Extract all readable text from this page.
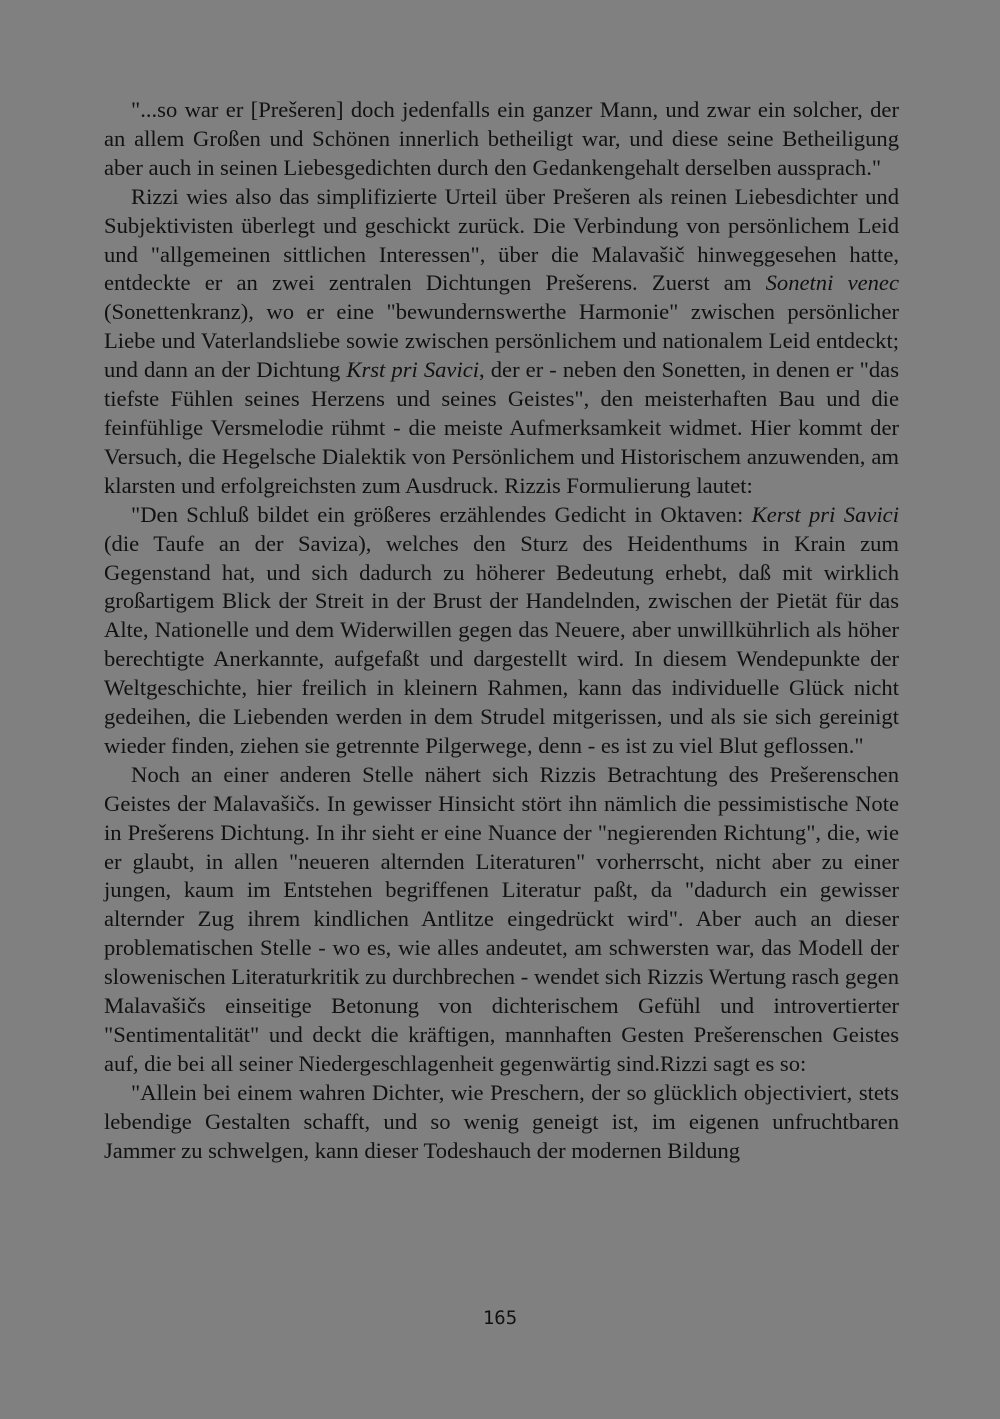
"...so war er [Prešeren] doch jedenfalls ein ganzer Mann, und zwar ein solcher, der an allem Großen und Schönen innerlich betheiligt war, und diese seine Betheiligung aber auch in seinen Liebesgedichten durch den Gedankengehalt derselben aussprach."

Rizzi wies also das simplifizierte Urteil über Prešeren als reinen Liebesdichter und Subjektivisten überlegt und geschickt zurück. Die Verbindung von persönlichem Leid und "allgemeinen sittlichen Interessen", über die Malavašič hinweggesehen hatte, entdeckte er an zwei zentralen Dichtungen Prešerens. Zuerst am Sonetni venec (Sonettenkranz), wo er eine "bewundernswerthe Harmonie" zwischen persönlicher Liebe und Vaterlandsliebe sowie zwischen persönlichem und nationalem Leid entdeckt; und dann an der Dichtung Krst pri Savici, der er - neben den Sonetten, in denen er "das tiefste Fühlen seines Herzens und seines Geistes", den meisterhaften Bau und die feinfühlige Versmelodie rühmt - die meiste Aufmerksamkeit widmet. Hier kommt der Versuch, die Hegelsche Dialektik von Persönlichem und Historischem anzuwenden, am klarsten und erfolgreichsten zum Ausdruck. Rizzis Formulierung lautet:

"Den Schluß bildet ein größeres erzählendes Gedicht in Oktaven: Kerst pri Savici (die Taufe an der Saviza), welches den Sturz des Heidenthums in Krain zum Gegenstand hat, und sich dadurch zu höherer Bedeutung erhebt, daß mit wirklich großartigem Blick der Streit in der Brust der Handelnden, zwischen der Pietät für das Alte, Nationelle und dem Widerwillen gegen das Neuere, aber unwillkührlich als höher berechtigte Anerkannte, aufgefaßt und dargestellt wird. In diesem Wendepunkte der Weltgeschichte, hier freilich in kleinern Rahmen, kann das individuelle Glück nicht gedeihen, die Liebenden werden in dem Strudel mitgerissen, und als sie sich gereinigt wieder finden, ziehen sie getrennte Pilgerwege, denn - es ist zu viel Blut geflossen."

Noch an einer anderen Stelle nähert sich Rizzis Betrachtung des Prešerenschen Geistes der Malavašičs. In gewisser Hinsicht stört ihn nämlich die pessimistische Note in Prešerens Dichtung. In ihr sieht er eine Nuance der "negierenden Richtung", die, wie er glaubt, in allen "neueren alternden Literaturen" vorherrscht, nicht aber zu einer jungen, kaum im Entstehen begriffenen Literatur paßt, da "dadurch ein gewisser alternder Zug ihrem kindlichen Antlitze eingedrückt wird". Aber auch an dieser problematischen Stelle - wo es, wie alles andeutet, am schwersten war, das Modell der slowenischen Literaturkritik zu durchbrechen - wendet sich Rizzis Wertung rasch gegen Malavašičs einseitige Betonung von dichterischem Gefühl und introvertierter "Sentimentalität" und deckt die kräftigen, mannhaften Gesten Prešerenschen Geistes auf, die bei all seiner Niedergeschlagenheit gegenwärtig sind.Rizzi sagt es so:

"Allein bei einem wahren Dichter, wie Preschern, der so glücklich objectiviert, stets lebendige Gestalten schafft, und so wenig geneigt ist, im eigenen unfruchtbaren Jammer zu schwelgen, kann dieser Todeshauch der modernen Bildung

165
